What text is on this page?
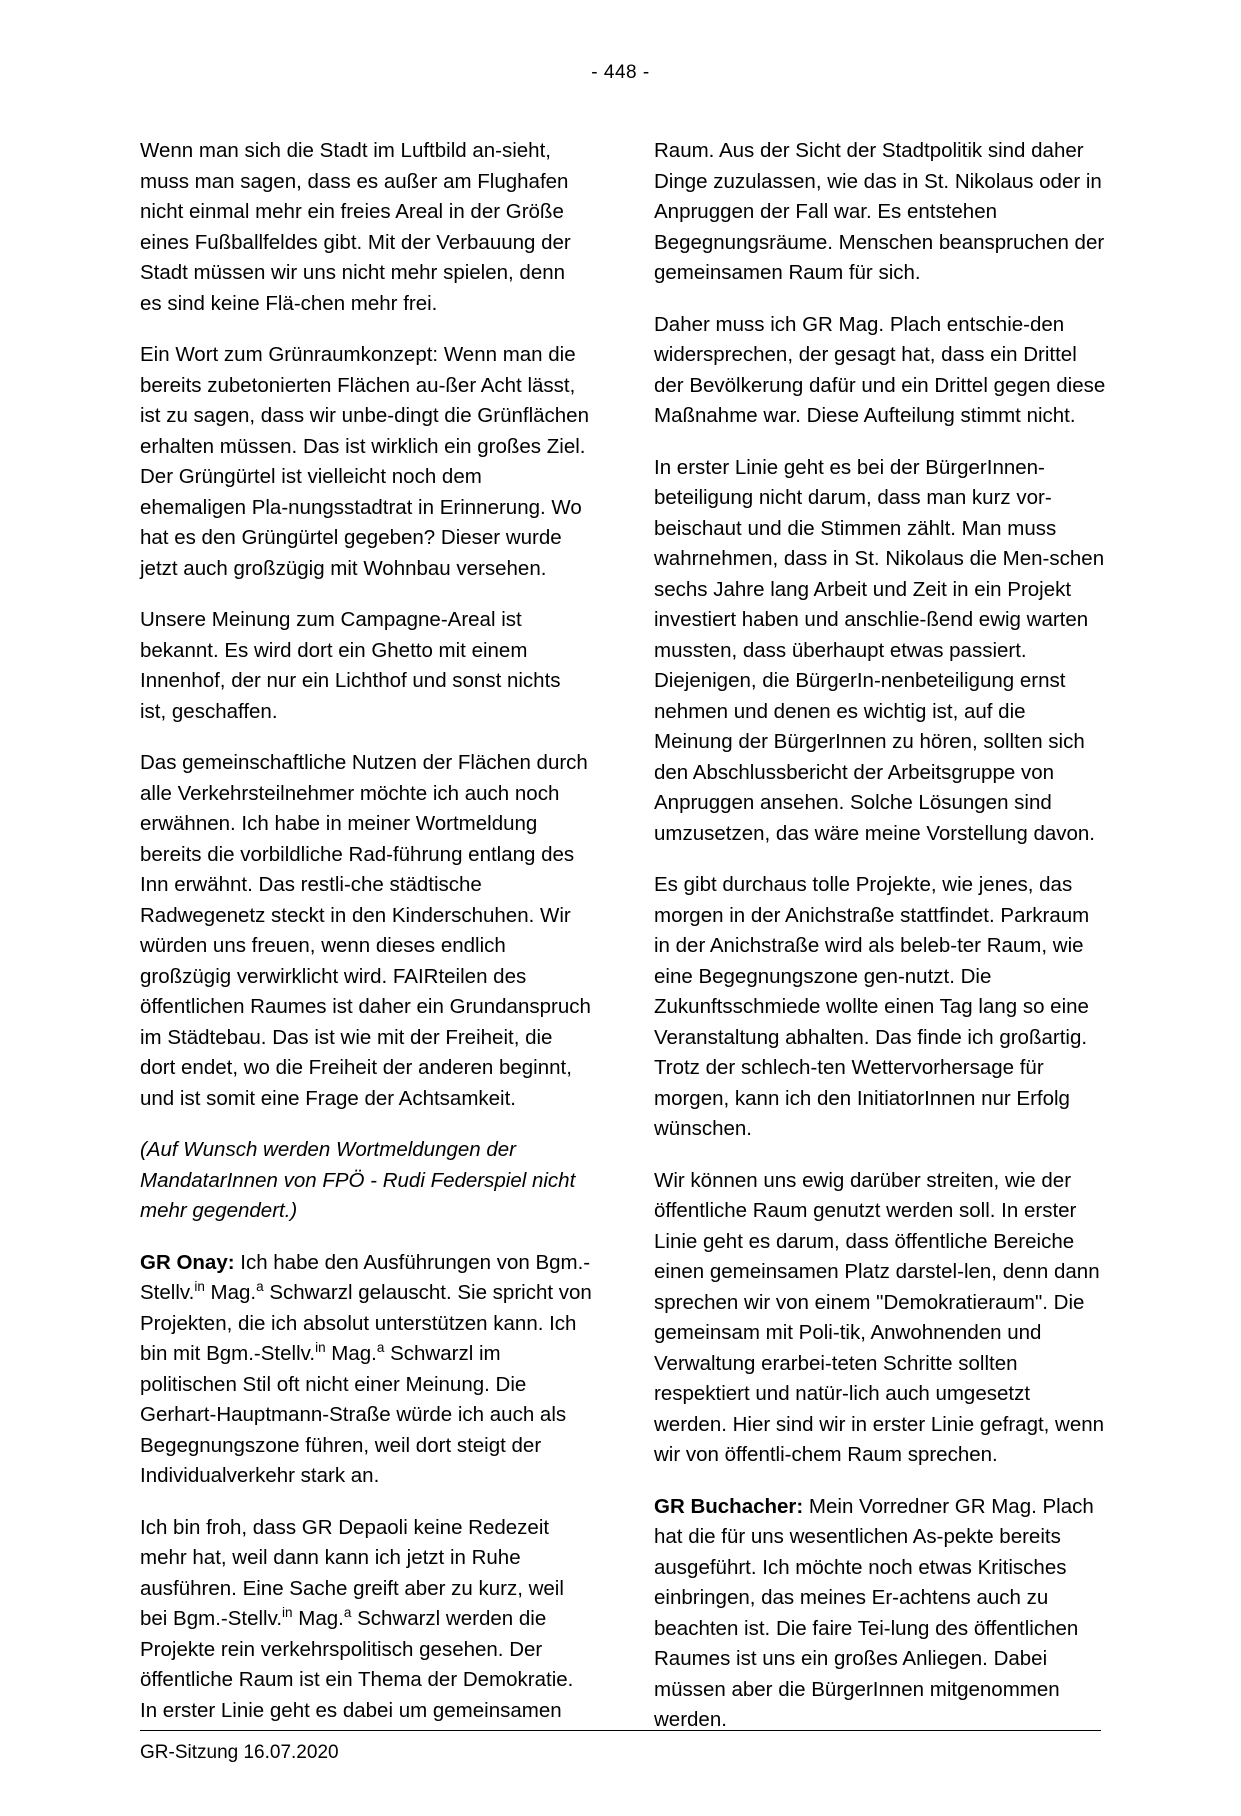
- 448 -

Wenn man sich die Stadt im Luftbild an-sieht, muss man sagen, dass es außer am Flughafen nicht einmal mehr ein freies Areal in der Größe eines Fußballfeldes gibt. Mit der Verbauung der Stadt müssen wir uns nicht mehr spielen, denn es sind keine Flä-chen mehr frei.

Ein Wort zum Grünraumkonzept: Wenn man die bereits zubetonierten Flächen au-ßer Acht lässt, ist zu sagen, dass wir unbe-dingt die Grünflächen erhalten müssen. Das ist wirklich ein großes Ziel. Der Grüngürtel ist vielleicht noch dem ehemaligen Pla-nungsstadtrat in Erinnerung. Wo hat es den Grüngürtel gegeben? Dieser wurde jetzt auch großzügig mit Wohnbau versehen.

Unsere Meinung zum Campagne-Areal ist bekannt. Es wird dort ein Ghetto mit einem Innenhof, der nur ein Lichthof und sonst nichts ist, geschaffen.

Das gemeinschaftliche Nutzen der Flächen durch alle Verkehrsteilnehmer möchte ich auch noch erwähnen. Ich habe in meiner Wortmeldung bereits die vorbildliche Rad-führung entlang des Inn erwähnt. Das restli-che städtische Radwegenetz steckt in den Kinderschuhen. Wir würden uns freuen, wenn dieses endlich großzügig verwirklicht wird. FAIRteilen des öffentlichen Raumes ist daher ein Grundanspruch im Städtebau. Das ist wie mit der Freiheit, die dort endet, wo die Freiheit der anderen beginnt, und ist somit eine Frage der Achtsamkeit.

(Auf Wunsch werden Wortmeldungen der MandatarInnen von FPÖ - Rudi Federspiel nicht mehr gegendert.)

GR Onay: Ich habe den Ausführungen von Bgm.-Stellv.$^{in}$ Mag.$^a$ Schwarzl gelauscht. Sie spricht von Projekten, die ich absolut unterstützen kann. Ich bin mit Bgm.-Stellv.$^{in}$ Mag.$^a$ Schwarzl im politischen Stil oft nicht einer Meinung. Die Gerhart-Hauptmann-Straße würde ich auch als Begegnungszone führen, weil dort steigt der Individualverkehr stark an.

Ich bin froh, dass GR Depaoli keine Redezeit mehr hat, weil dann kann ich jetzt in Ruhe ausführen. Eine Sache greift aber zu kurz, weil bei Bgm.-Stellv.$^{in}$ Mag.$^a$ Schwarzl werden die Projekte rein verkehrspolitisch gesehen. Der öffentliche Raum ist ein Thema der Demokratie. In erster Linie geht es dabei um gemeinsamen

Raum. Aus der Sicht der Stadtpolitik sind daher Dinge zuzulassen, wie das in St. Nikolaus oder in Anpruggen der Fall war. Es entstehen Begegnungsräume. Menschen beanspruchen der gemeinsamen Raum für sich.

Daher muss ich GR Mag. Plach entschie-den widersprechen, der gesagt hat, dass ein Drittel der Bevölkerung dafür und ein Drittel gegen diese Maßnahme war. Diese Aufteilung stimmt nicht.

In erster Linie geht es bei der BürgerInnen-beteiligung nicht darum, dass man kurz vor-beischaut und die Stimmen zählt. Man muss wahrnehmen, dass in St. Nikolaus die Men-schen sechs Jahre lang Arbeit und Zeit in ein Projekt investiert haben und anschlie-ßend ewig warten mussten, dass überhaupt etwas passiert. Diejenigen, die BürgerIn-nenbeteiligung ernst nehmen und denen es wichtig ist, auf die Meinung der BürgerInnen zu hören, sollten sich den Abschlussbericht der Arbeitsgruppe von Anpruggen ansehen. Solche Lösungen sind umzusetzen, das wäre meine Vorstellung davon.

Es gibt durchaus tolle Projekte, wie jenes, das morgen in der Anichstraße stattfindet. Parkraum in der Anichstraße wird als beleb-ter Raum, wie eine Begegnungszone gen-nutzt. Die Zukunftsschmiede wollte einen Tag lang so eine Veranstaltung abhalten. Das finde ich großartig. Trotz der schlech-ten Wettervorhersage für morgen, kann ich den InitiatorInnen nur Erfolg wünschen.

Wir können uns ewig darüber streiten, wie der öffentliche Raum genutzt werden soll. In erster Linie geht es darum, dass öffentliche Bereiche einen gemeinsamen Platz darstel-len, denn dann sprechen wir von einem "Demokratieraum". Die gemeinsam mit Poli-tik, Anwohnenden und Verwaltung erarbei-teten Schritte sollten respektiert und natür-lich auch umgesetzt werden. Hier sind wir in erster Linie gefragt, wenn wir von öffentli-chem Raum sprechen.

GR Buchacher: Mein Vorredner GR Mag. Plach hat die für uns wesentlichen As-pekte bereits ausgeführt. Ich möchte noch etwas Kritisches einbringen, das meines Er-achtens auch zu beachten ist. Die faire Tei-lung des öffentlichen Raumes ist uns ein großes Anliegen. Dabei müssen aber die BürgerInnen mitgenommen werden.

GR-Sitzung 16.07.2020
